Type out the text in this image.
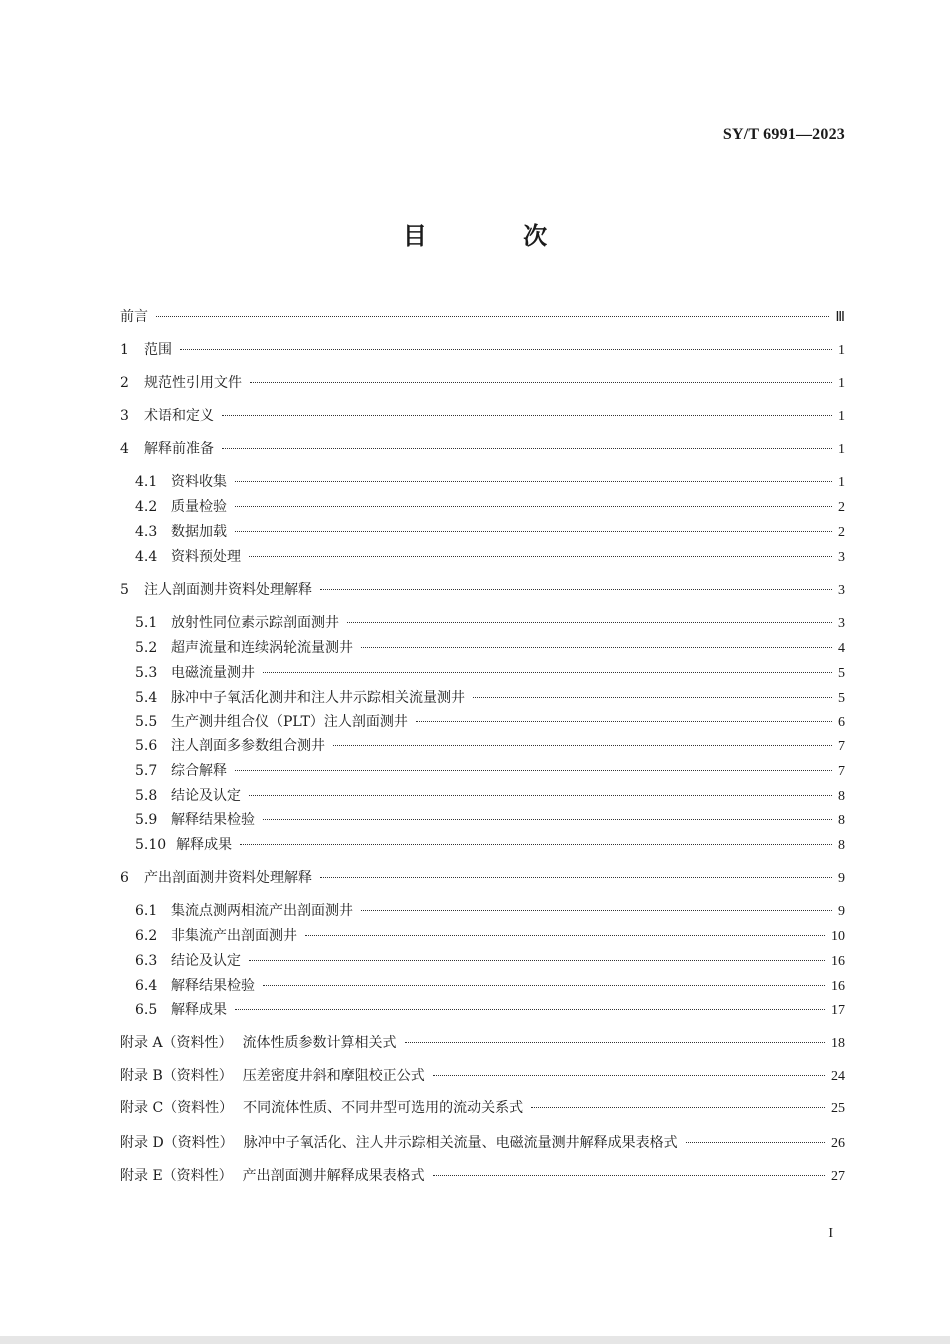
SY/T 6991—2023
目 次
前言	Ⅲ
1	范围	1
2	规范性引用文件	1
3	术语和定义	1
4	解释前准备	1
4.1 资料收集	1
4.2 质量检验	2
4.3 数据加载	2
4.4 资料预处理	3
5	注人剖面测井资料处理解释	3
5.1 放射性同位素示踪剖面测井	3
5.2 超声流量和连续涡轮流量测井	4
5.3 电磁流量测井	5
5.4 脉冲中子氧活化测井和注人井示踪相关流量测井	5
5.5 生产测井组合仪（PLT）注人剖面测井	6
5.6 注人剖面多参数组合测井	7
5.7 综合解释	7
5.8 结论及认定	8
5.9 解释结果检验	8
5.10 解释成果	8
6	产出剖面测井资料处理解释	9
6.1 集流点测两相流产出剖面测井	9
6.2 非集流产出剖面测井	10
6.3 结论及认定	16
6.4 解释结果检验	16
6.5 解释成果	17
附录 A（资料性） 流体性质参数计算相关式	18
附录 B（资料性） 压差密度井斜和摩阻校正公式	24
附录 C（资料性） 不同流体性质、不同井型可选用的流动关系式	25
附录 D（资料性） 脉冲中子氧活化、注人井示踪相关流量、电磁流量测井解释成果表格式	26
附录 E（资料性） 产出剖面测井解释成果表格式	27
I
